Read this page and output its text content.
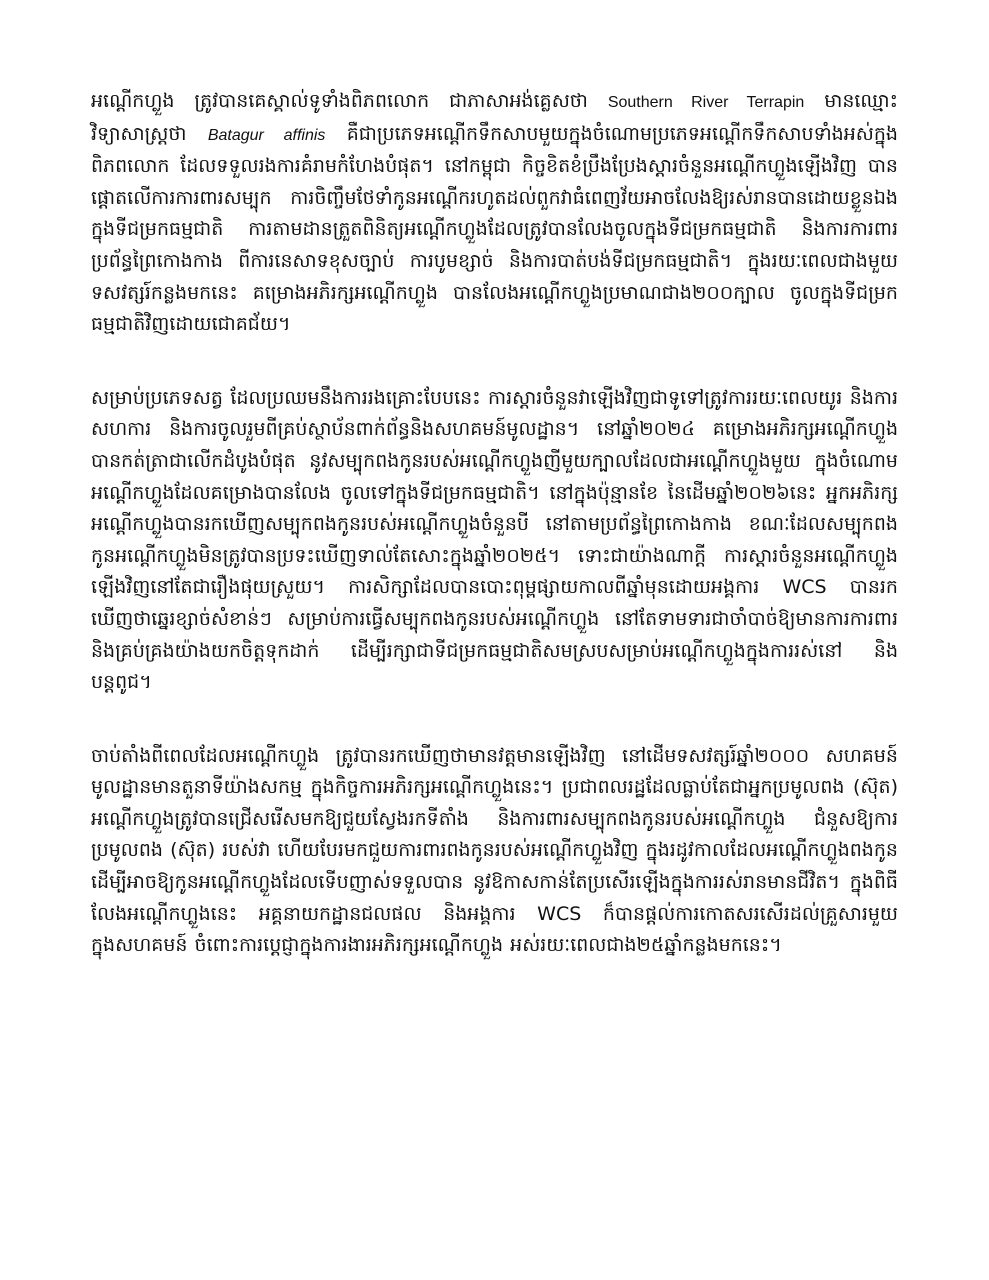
អណ្ដើកហ្លួង ត្រូវបានគេស្គាល់ទូទាំងពិភពលោក ជាភាសាអង់គ្លេសថា Southern River Terrapin មានឈ្មោះវិទ្យាសាស្ត្រថា Batagur affinis គឺជាប្រភេទអណ្ដើកទឹកសាបមួយក្នុងចំណោមប្រភេទអណ្ដើកទឹកសាបទាំងអស់ក្នុងពិភពលោក ដែលទទួលរងការគំរាមកំហែងបំផុត។ នៅកម្ពុជា កិច្ចខិតខំប្រឹងប្រែងស្ដារចំនួនអណ្ដើកហ្លួងឡើងវិញ បានផ្ដោតលើការការពារសម្បុក ការចិញ្ចឹមថែទាំកូនអណ្ដើករហូតដល់ពួកវាធំពេញវ័យអាចលែងឱ្យរស់រានបានដោយខ្លួនឯង ក្នុងទីជម្រកធម្មជាតិ ការតាមដានត្រួតពិនិត្យអណ្ដើកហ្លួងដែលត្រូវបានលែងចូលក្នុងទីជម្រកធម្មជាតិ និងការការពារប្រព័ន្ធព្រៃកោងកាង ពីការនេសាទខុសច្បាប់ ការបូមខ្សាច់ និងការបាត់បង់ទីជម្រកធម្មជាតិ។ ក្នុងរយៈពេលជាងមួយទសវត្សរ៍កន្លងមកនេះ គម្រោងអភិរក្សអណ្ដើកហ្លួង បានលែងអណ្ដើកហ្លួងប្រមាណជាង២០០ក្បាល ចូលក្នុងទីជម្រកធម្មជាតិវិញដោយជោគជ័យ។

សម្រាប់ប្រភេទសត្វ ដែលប្រឈមនឹងការរងគ្រោះបែបនេះ ការស្ដារចំនួនវាឡើងវិញជាទូទៅត្រូវការរយៈពេលយូរ និងការសហការ និងការចូលរួមពីគ្រប់ស្ថាប័នពាក់ព័ន្ធនិងសហគមន៍មូលដ្ឋាន។ នៅឆ្នាំ២០២៤ គម្រោងអភិរក្សអណ្ដើកហ្លួងបានកត់ត្រាជាលើកដំបូងបំផុត នូវសម្បុកពងកូនរបស់អណ្ដើកហ្លួងញីមួយក្បាលដែលជាអណ្ដើកហ្លួងមួយ ក្នុងចំណោមអណ្ដើកហ្លួងដែលគម្រោងបានលែង ចូលទៅក្នុងទីជម្រកធម្មជាតិ។ នៅក្នុងប៉ុន្មានខែ នៃដើមឆ្នាំ២០២៦នេះ អ្នកអភិរក្សអណ្ដើកហ្លួងបានរកឃើញសម្បុកពងកូនរបស់អណ្ដើកហ្លួងចំនួនបី នៅតាមប្រព័ន្ធព្រៃកោងកាង ខណៈដែលសម្បុកពងកូនអណ្ដើកហ្លួងមិនត្រូវបានប្រទះឃើញទាល់តែសោះក្នុងឆ្នាំ២០២៥។ ទោះជាយ៉ាងណាក្ដី ការស្ដារចំនួនអណ្ដើកហ្លួងឡើងវិញនៅតែជារឿងផុយស្រួយ។ ការសិក្សាដែលបានបោះពុម្ពផ្សាយកាលពីឆ្នាំមុនដោយអង្គការ WCS បានរកឃើញថាឆ្នេរខ្សាច់សំខាន់ៗ សម្រាប់ការធ្វើសម្បុកពងកូនរបស់អណ្ដើកហ្លួង នៅតែទាមទារជាចាំបាច់ឱ្យមានការការពារ និងគ្រប់គ្រងយ៉ាងយកចិត្តទុកដាក់ ដើម្បីរក្សាជាទីជម្រកធម្មជាតិសមស្របសម្រាប់អណ្ដើកហ្លួងក្នុងការរស់នៅ និងបន្តពូជ។

ចាប់តាំងពីពេលដែលអណ្ដើកហ្លួង ត្រូវបានរកឃើញថាមានវត្តមានឡើងវិញ នៅដើមទសវត្សរ៍ឆ្នាំ២០០០ សហគមន៍មូលដ្ឋានមានតួនាទីយ៉ាងសកម្ម ក្នុងកិច្ចការអភិរក្សអណ្ដើកហ្លួងនេះ។ ប្រជាពលរដ្ឋដែលធ្លាប់តែជាអ្នកប្រមូលពង (ស៊ុត) អណ្ដើកហ្លួងត្រូវបានជ្រើសរើសមកឱ្យជួយស្វែងរកទីតាំង និងការពារសម្បុកពងកូនរបស់អណ្ដើកហ្លួង ជំនួសឱ្យការប្រមូលពង (ស៊ុត) របស់វា ហើយបែរមកជួយការពារពងកូនរបស់អណ្ដើកហ្លួងវិញ ក្នុងរដូវកាលដែលអណ្ដើកហ្លួងពងកូន ដើម្បីអាចឱ្យកូនអណ្ដើកហ្លួងដែលទើបញាស់ទទួលបាន នូវឱកាសកាន់តែប្រសើរឡើងក្នុងការរស់រានមានជីវិត។ ក្នុងពិធីលែងអណ្ដើកហ្លួងនេះ អគ្គនាយកដ្ឋានជលផល និងអង្គការ WCS ក៏បានផ្ដល់ការកោតសរសើរដល់គ្រួសារមួយក្នុងសហគមន៍ ចំពោះការប្ដេជ្ញាក្នុងការងារអភិរក្សអណ្ដើកហ្លួង អស់រយៈពេលជាង២៥ឆ្នាំកន្លងមកនេះ។
